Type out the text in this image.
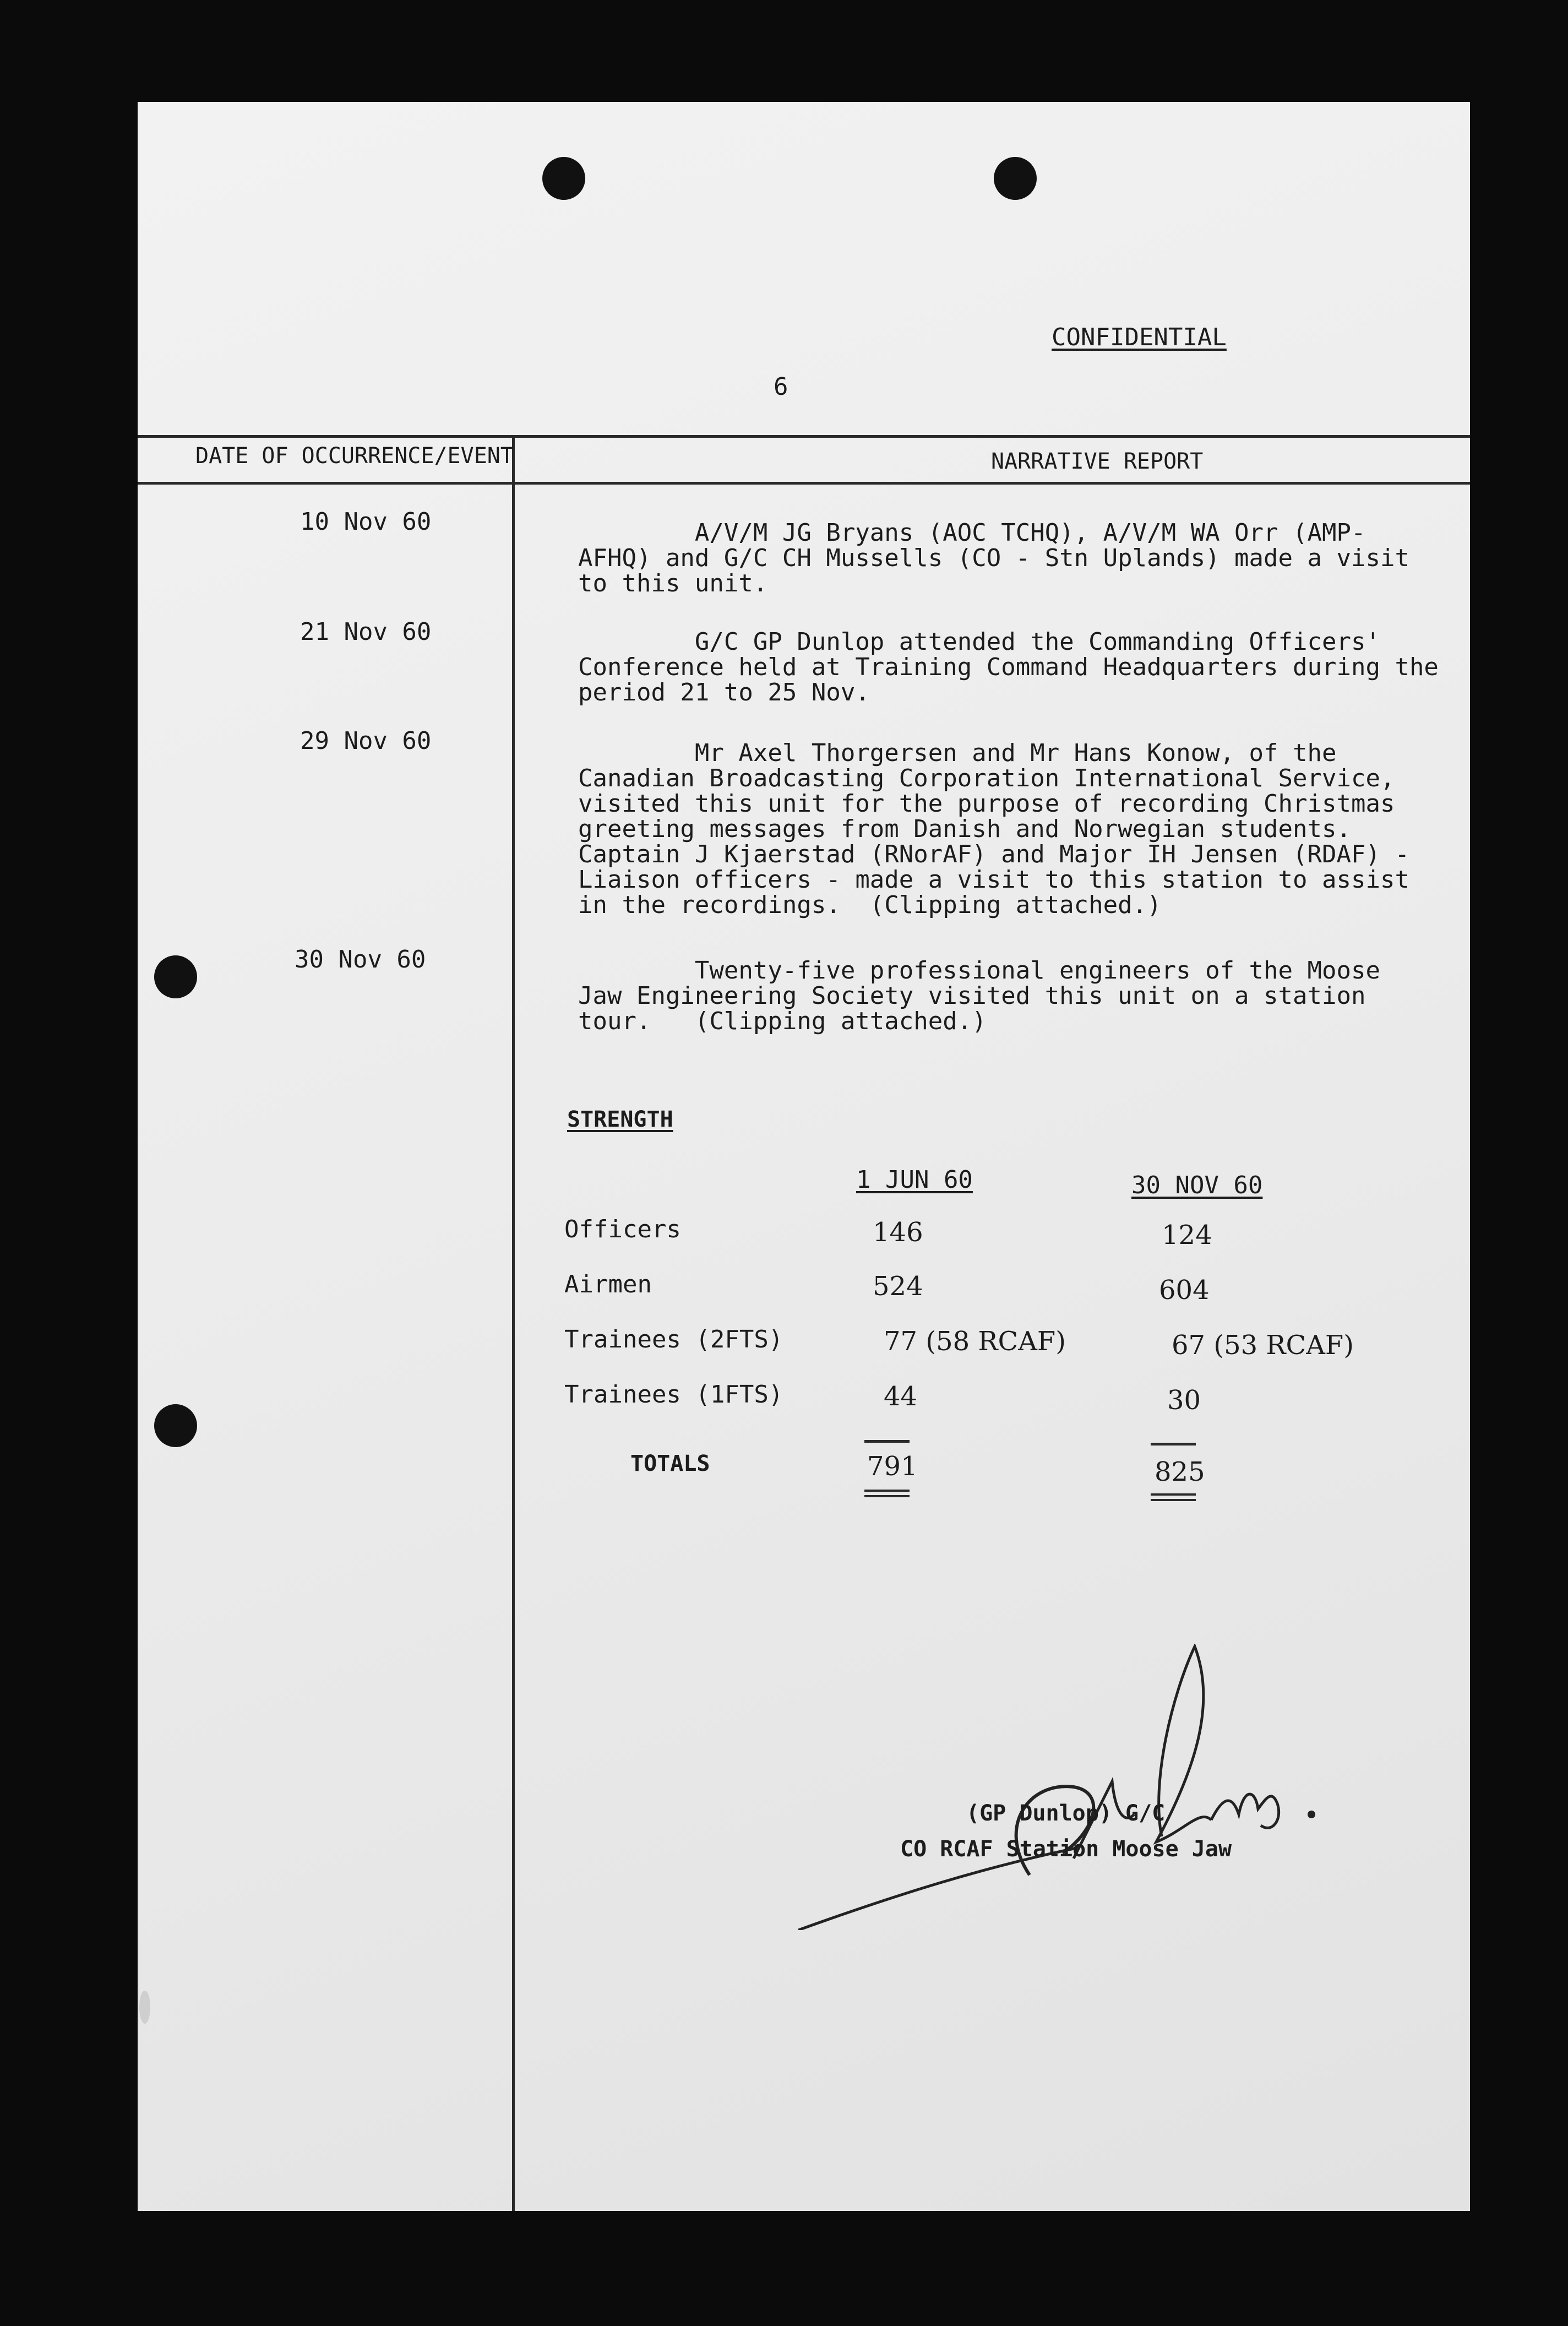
CONFIDENTIAL
6
DATE OF OCCURRENCE/EVENT	NARRATIVE REPORT
10 Nov 60	A/V/M JG Bryans (AOC TCHQ), A/V/M WA Orr (AMP-
AFHQ) and G/C CH Mussells (CO - Stn Uplands) made a visit
to this unit.
21 Nov 60	G/C GP Dunlop attended the Commanding Officers'
Conference held at Training Command Headquarters during the
period 21 to 25 Nov.
29 Nov 60	Mr Axel Thorgersen and Mr Hans Konow, of the
Canadian Broadcasting Corporation International Service,
visited this unit for the purpose of recording Christmas
greeting messages from Danish and Norwegian students.
Captain J Kjaerstad (RNorAF) and Major IH Jensen (RDAF) -
Liaison officers - made a visit to this station to assist
in the recordings.  (Clipping attached.)
30 Nov 60	Twenty-five professional engineers of the Moose
Jaw Engineering Society visited this unit on a station
tour.   (Clipping attached.)
STRENGTH
1 JUN 60	30 NOV 60
Officers	146	124
Airmen	524	604
Trainees (2FTS)	77 (58 RCAF)	67 (53 RCAF)
Trainees (1FTS)	44	30
TOTALS	791	825
(GP Dunlop) G/C
CO RCAF Station Moose Jaw
